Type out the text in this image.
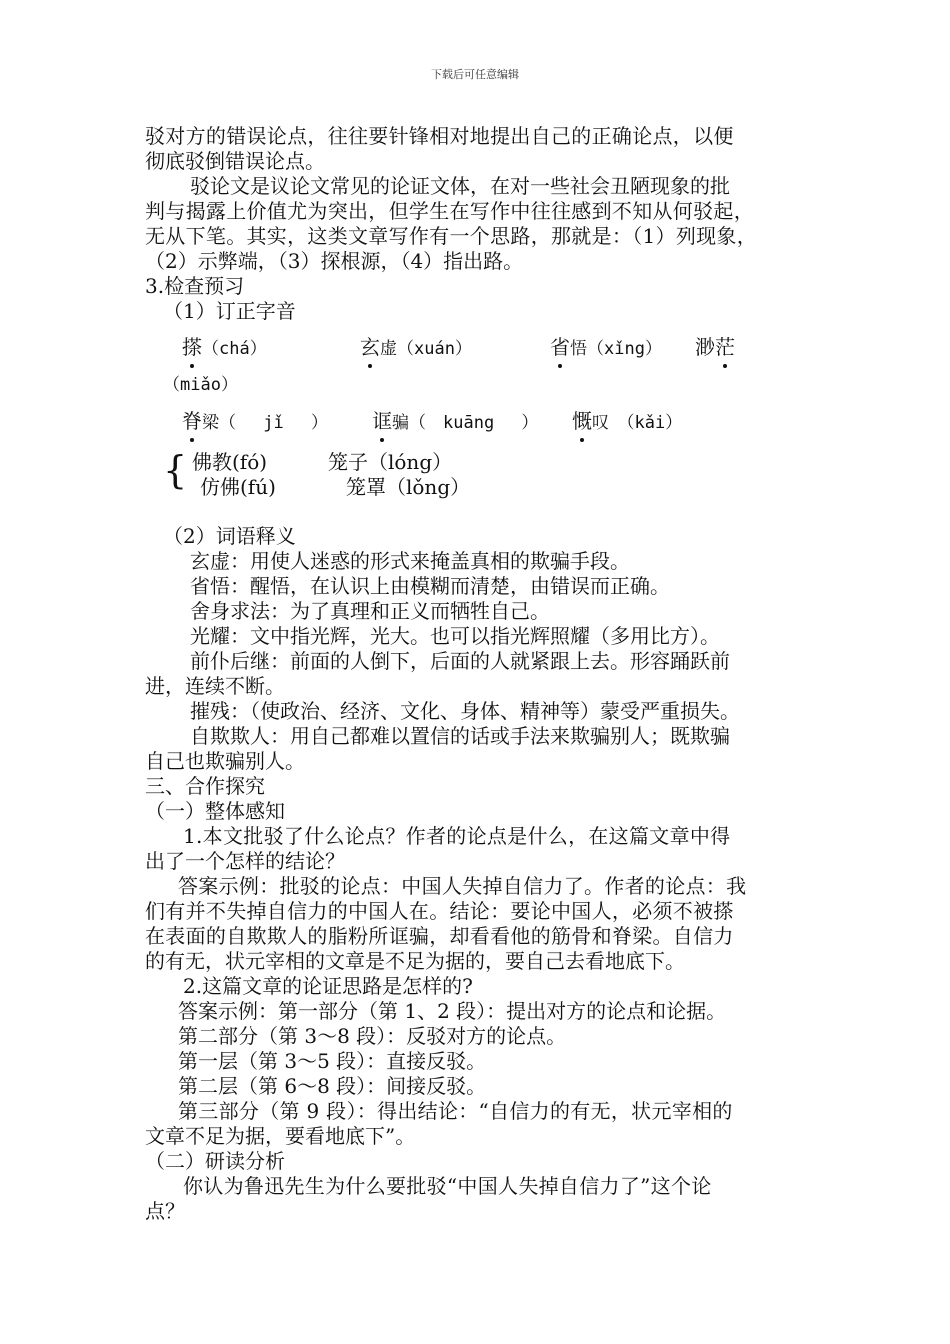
下载后可任意编辑
驳对方的错误论点，往往要针锋相对地提出自己的正确论点，以便
彻底驳倒错误论点。
驳论文是议论文常见的论证文体，在对一些社会丑陋现象的批
判与揭露上价值尤为突出，但学生在写作中往往感到不知从何驳起，
无从下笔。其实，这类文章写作有一个思路，那就是：（1）列现象，
（2）示弊端，（3）探根源，（4）指出路。
3.检查预习
（1）订正字音
搽（chá）	玄虚（xuán）	省悟（xǐng） 渺茫
（miǎo）
脊梁（　 jǐ　 ） 诓骗（　kuāng　 ） 慨叹　（kǎi）
{ 佛教(fó)	笼子（lóng）
仿佛(fú)	笼罩（lǒng）
（2）词语释义
玄虚：用使人迷惑的形式来掩盖真相的欺骗手段。
省悟：醒悟，在认识上由模糊而清楚，由错误而正确。
舍身求法：为了真理和正义而牺牲自己。
光耀：文中指光辉，光大。也可以指光辉照耀（多用比方）。
前仆后继：前面的人倒下，后面的人就紧跟上去。形容踊跃前
进，连续不断。
摧残：（使政治、经济、文化、身体、精神等）蒙受严重损失。
自欺欺人：用自己都难以置信的话或手法来欺骗别人；既欺骗
自己也欺骗别人。
三、合作探究
（一）整体感知
1.本文批驳了什么论点？作者的论点是什么，在这篇文章中得
出了一个怎样的结论？
答案示例：批驳的论点：中国人失掉自信力了。作者的论点：我
们有并不失掉自信力的中国人在。结论：要论中国人，必须不被搽
在表面的自欺欺人的脂粉所诓骗，却看看他的筋骨和脊梁。自信力
的有无，状元宰相的文章是不足为据的，要自己去看地底下。
2.这篇文章的论证思路是怎样的?
答案示例：第一部分（第 1、2 段）：提出对方的论点和论据。
第二部分（第 3～8 段）：反驳对方的论点。
第一层（第 3～5 段）：直接反驳。
第二层（第 6～8 段）：间接反驳。
第三部分（第 9 段）：得出结论：“自信力的有无，状元宰相的
文章不足为据，要看地底下”。
（二）研读分析
你认为鲁迅先生为什么要批驳“中国人失掉自信力了”这个论
点？
